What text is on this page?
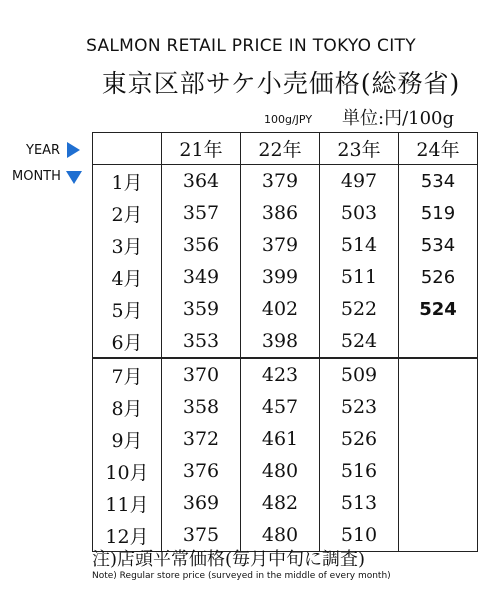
SALMON RETAIL PRICE IN TOKYO CITY
東京区部サケ小売価格(総務省)
100g/JPY 単位:円/100g
YEAR
MONTH
	21年	22年	23年	24年
1月	364	379	497	534
2月	357	386	503	519
3月	356	379	514	534
4月	349	399	511	526
5月	359	402	522	524
6月	353	398	524	
7月	370	423	509	
8月	358	457	523	
9月	372	461	526	
10月	376	480	516	
11月	369	482	513	
12月	375	480	510	
注)店頭平常価格(毎月中旬に調査)
Note) Regular store price (surveyed in the middle of every month)
